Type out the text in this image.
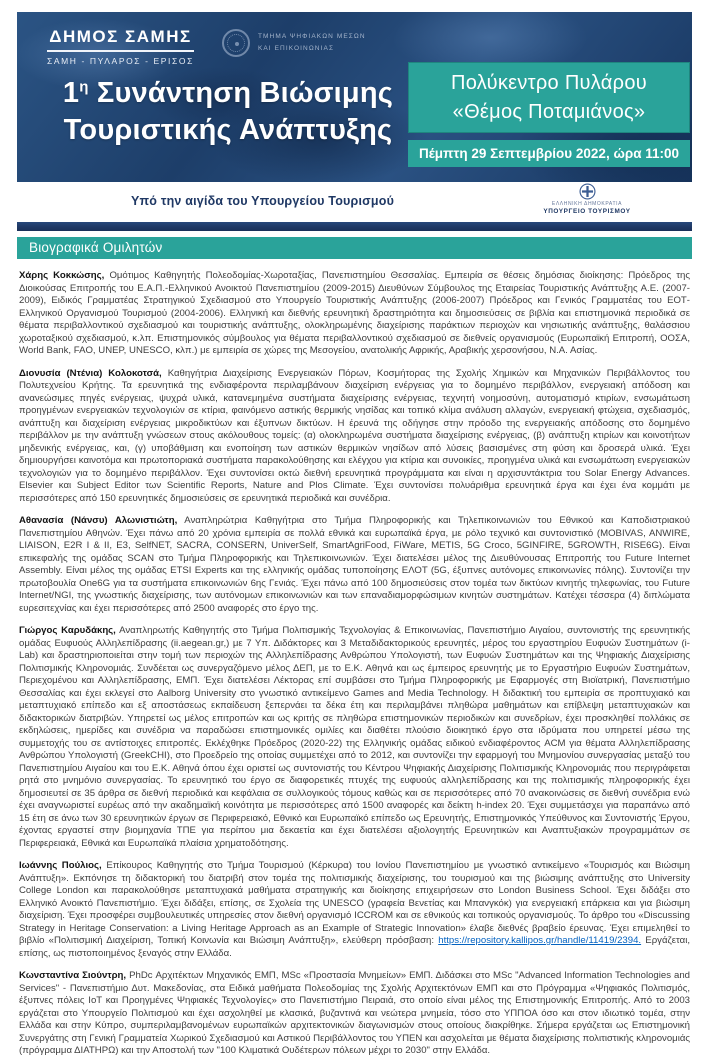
ΔΗΜΟΣ ΣΑΜΗΣ
ΣΑΜΗ - ΠΥΛΑΡΟΣ - ΕΡΙΣΟΣ
ΤΜΗΜΑ ΨΗΦΙΑΚΩΝ ΜΕΣΩΝ
ΚΑΙ ΕΠΙΚΟΙΝΩΝΙΑΣ
$1^\eta$ Συνάντηση Βιώσιμης
Τουριστικής Ανάπτυξης
Πολύκεντρο Πυλάρου
«Θέμος Ποταμιάνος»
Πέμπτη 29 Σεπτεμβρίου 2022, ώρα 11:00
Υπό την αιγίδα του Υπουργείου Τουρισμού	ΕΛΛΗΝΙΚΗ ΔΗΜΟΚΡΑΤΙΑ
ΥΠΟΥΡΓΕΙΟ ΤΟΥΡΙΣΜΟΥ
Βιογραφικά Ομιλητών

Χάρης Κοκκώσης, Ομότιμος Καθηγητής Πολεοδομίας-Χωροταξίας, Πανεπιστημίου Θεσσαλίας. Εμπειρία σε θέσεις δημόσιας διοίκησης: Πρόεδρος της Διοικούσας Επιτροπής του Ε.Α.Π.-Ελληνικού Ανοικτού Πανεπιστημίου (2009-2015) Διευθύνων Σύμβουλος της Εταιρείας Τουριστικής Ανάπτυξης Α.Ε. (2007-2009), Ειδικός Γραμματέας Στρατηγικού Σχεδιασμού στο Υπουργείο Τουριστικής Ανάπτυξης (2006-2007) Πρόεδρος και Γενικός Γραμματέας του ΕΟΤ-Ελληνικού Οργανισμού Τουρισμού (2004-2006). Ελληνική και διεθνής ερευνητική δραστηριότητα και δημοσιεύσεις σε βιβλία και επιστημονικά περιοδικά σε θέματα περιβαλλοντικού σχεδιασμού και τουριστικής ανάπτυξης, ολοκληρωμένης διαχείρισης παράκτιων περιοχών και νησιωτικής ανάπτυξης, θαλάσσιου χωροταξικού σχεδιασμού, κ.λπ. Επιστημονικός σύμβουλος για θέματα περιβαλλοντικού σχεδιασμού σε διεθνείς οργανισμούς (Ευρωπαϊκή Επιτροπή, ΟΟΣΑ, World Bank, FAO, UNEP, UNESCO, κλπ.) με εμπειρία σε χώρες της Μεσογείου, ανατολικής Αφρικής, Αραβικής χερσονήσου, Ν.Α. Ασίας.

Διονυσία (Ντένια) Κολοκοτσά, Καθηγήτρια Διαχείρισης Ενεργειακών Πόρων, Κοσμήτορας της Σχολής Χημικών και Μηχανικών Περιβάλλοντος του Πολυτεχνείου Κρήτης. Τα ερευνητικά της ενδιαφέροντα περιλαμβάνουν διαχείριση ενέργειας για το δομημένο περιβάλλον, ενεργειακή απόδοση και ανανεώσιμες πηγές ενέργειας, ψυχρά υλικά, κατανεμημένα συστήματα διαχείρισης ενέργειας, τεχνητή νοημοσύνη, αυτοματισμό κτιρίων, ενσωμάτωση προηγμένων ενεργειακών τεχνολογιών σε κτίρια, φαινόμενο αστικής θερμικής νησίδας και τοπικό κλίμα ανάλυση αλλαγών, ενεργειακή φτώχεια, σχεδιασμός, ανάπτυξη και διαχείριση ενέργειας μικροδικτύων και έξυπνων δικτύων. Η έρευνά της οδήγησε στην πρόοδο της ενεργειακής απόδοσης στο δομημένο περιβάλλον με την ανάπτυξη γνώσεων στους ακόλουθους τομείς: (α) ολοκληρωμένα συστήματα διαχείρισης ενέργειας, (β) ανάπτυξη κτιρίων και κοινοτήτων μηδενικής ενέργειας, και, (γ) υποβάθμιση και ενοποίηση των αστικών θερμικών νησίδων από λύσεις βασισμένες στη φύση και δροσερά υλικά. Έχει δημιουργήσει καινοτόμα και πρωτοποριακά συστήματα παρακολούθησης και ελέγχου για κτίρια και συνοικίες, προηγμένα υλικά και ενσωμάτωση ενεργειακών τεχνολογιών για το δομημένο περιβάλλον. Έχει συντονίσει οκτώ διεθνή ερευνητικά προγράμματα και είναι η αρχισυντάκτρια του Solar Energy Advances. Elsevier και Subject Editor των Scientific Reports, Nature and Plos Climate. Έχει συντονίσει πολυάριθμα ερευνητικά έργα και έχει ένα κομμάτι με περισσότερες από 150 ερευνητικές δημοσιεύσεις σε ερευνητικά περιοδικά και συνέδρια.

Αθανασία (Νάνσυ) Αλωνιστιώτη, Αναπληρώτρια Καθηγήτρια στο Τμήμα Πληροφορικής και Τηλεπικοινωνιών του Εθνικού και Καποδιστριακού Πανεπιστημίου Αθηνών. Έχει πάνω από 20 χρόνια εμπειρία σε πολλά εθνικά και ευρωπαϊκά έργα, με ρόλο τεχνικό και συντονιστικό (MOBIVAS, ANWIRE, LIAISON, E2R I & II, E3, SelfNET, SACRA, CONSERN, UniverSelf, SmartAgriFood, FiWare, METIS, 5G Croco, 5GINFIRE, 5GROWTH, RISE6G). Είναι επικεφαλής της ομάδας SCAN στο Τμήμα Πληροφορικής και Τηλεπικοινωνιών. Έχει διατελέσει μέλος της Διευθύνουσας Επιτροπής του Future Internet Assembly. Είναι μέλος της ομάδας ETSI Experts και της ελληνικής ομάδας τυποποίησης ΕΛΟΤ (5G, έξυπνες αυτόνομες επικοινωνίες πόλης). Συντονίζει την πρωτοβουλία One6G για τα συστήματα επικοινωνιών 6ης Γενιάς. Έχει πάνω από 100 δημοσιεύσεις στον τομέα των δικτύων κινητής τηλεφωνίας, του Future Internet/NGI, της γνωστικής διαχείρισης, των αυτόνομων επικοινωνιών και των επαναδιαμορφώσιμων κινητών συστημάτων. Κατέχει τέσσερα (4) διπλώματα ευρεσιτεχνίας και έχει περισσότερες από 2500 αναφορές στο έργο της.

Γιώργος Καρυδάκης, Αναπληρωτής Καθηγητής στο Τμήμα Πολιτισμικής Τεχνολογίας & Επικοινωνίας, Πανεπιστήμιο Αιγαίου, συντονιστής της ερευνητικής ομάδας Ευφυούς Αλληλεπίδρασης (ii.aegean.gr,) με 7 Υπ. Διδάκτορες και 3 Μεταδιδακτορικούς ερευνητές, μέρος του εργαστηρίου Ευφυών Συστημάτων (i-Lab) και δραστηριοποιείται στην τομή των περιοχών της Αλληλεπίδρασης Ανθρώπου Υπολογιστή, των Ευφυών Συστημάτων και της Ψηφιακής Διαχείρισης Πολιτισμικής Κληρονομιάς. Συνδέεται ως συνεργαζόμενο μέλος ΔΕΠ, με το Ε.Κ. Αθηνά και ως έμπειρος ερευνητής με το Εργαστήριο Ευφυών Συστημάτων, Περιεχομένου και Αλληλεπίδρασης, ΕΜΠ. Έχει διατελέσει Λέκτορας επί συμβάσει στο Τμήμα Πληροφορικής με Εφαρμογές στη Βιοϊατρική, Πανεπιστήμιο Θεσσαλίας και έχει εκλεγεί στο Aalborg University στο γνωστικό αντικείμενο Games and Media Technology. Η διδακτική του εμπειρία σε προπτυχιακό και μεταπτυχιακό επίπεδο και εξ αποστάσεως εκπαίδευση ξεπερνάει τα δέκα έτη και περιλαμβάνει πληθώρα μαθημάτων και επίβλεψη μεταπτυχιακών και διδακτορικών διατριβών. Υπηρετεί ως μέλος επιτροπών και ως κριτής σε πληθώρα επιστημονικών περιοδικών και συνεδρίων, έχει προσκληθεί πολλάκις σε εκδηλώσεις, ημερίδες και συνέδρια να παραδώσει επιστημονικές ομιλίες και διαθέτει πλούσιο διοικητικό έργο στα ιδρύματα που υπηρετεί μέσω της συμμετοχής του σε αντίστοιχες επιτροπές. Εκλέχθηκε Πρόεδρος (2020-22) της Ελληνικής ομάδας ειδικού ενδιαφέροντος ACM για θέματα Αλληλεπίδρασης Ανθρώπου Υπολογιστή (GreekCHI), στο Προεδρείο της οποίας συμμετέχει από το 2012, και συντονίζει την εφαρμογή του Μνημονίου συνεργασίας μεταξύ του Πανεπιστημίου Αιγαίου και του Ε.Κ. Αθηνά όπου έχει οριστεί ως συντονιστής του Κέντρου Ψηφιακής Διαχείρισης Πολιτισμικής Κληρονομιάς που περιγράφεται ρητά στο μνημόνιο συνεργασίας. Το ερευνητικό του έργο σε διαφορετικές πτυχές της ευφυούς αλληλεπίδρασης και της πολιτισμικής πληροφορικής έχει δημοσιευτεί σε 35 άρθρα σε διεθνή περιοδικά και κεφάλαια σε συλλογικούς τόμους καθώς και σε περισσότερες από 70 ανακοινώσεις σε διεθνή συνέδρια ενώ έχει αναγνωριστεί ευρέως από την ακαδημαϊκή κοινότητα με περισσότερες από 1500 αναφορές και δείκτη h-index 20. Έχει συμμετάσχει για παραπάνω από 15 έτη σε άνω των 30 ερευνητικών έργων σε Περιφερειακό, Εθνικό και Ευρωπαϊκό επίπεδο ως Ερευνητής, Επιστημονικός Υπεύθυνος και Συντονιστής Έργου, έχοντας εργαστεί στην βιομηχανία ΤΠΕ για περίπου μια δεκαετία και έχει διατελέσει αξιολογητής Ερευνητικών και Αναπτυξιακών προγραμμάτων σε Περιφερειακά, Εθνικά και Ευρωπαϊκά πλαίσια χρηματοδότησης.

Ιωάννης Πούλιος, Επίκουρος Καθηγητής στο Τμήμα Τουρισμού (Κέρκυρα) του Ιονίου Πανεπιστημίου με γνωστικό αντικείμενο «Τουρισμός και Βιώσιμη Ανάπτυξη». Εκπόνησε τη διδακτορική του διατριβή στον τομέα της πολιτισμικής διαχείρισης, του τουρισμού και της βιώσιμης ανάπτυξης στο University College London και παρακολούθησε μεταπτυχιακά μαθήματα στρατηγικής και διοίκησης επιχειρήσεων στο London Business School. Έχει διδάξει στο Ελληνικό Ανοικτό Πανεπιστήμιο. Έχει διδάξει, επίσης, σε Σχολεία της UNESCO (γραφεία Βενετίας και Μπανγκόκ) για ενεργειακή επάρκεια και για βιώσιμη διαχείριση. Έχει προσφέρει συμβουλευτικές υπηρεσίες στον διεθνή οργανισμό ICCROM και σε εθνικούς και τοπικούς οργανισμούς. Το άρθρο του «Discussing Strategy in Heritage Conservation: a Living Heritage Approach as an Example of Strategic Innovation» έλαβε διεθνές βραβείο έρευνας. Έχει επιμεληθεί το βιβλίο «Πολιτισμική Διαχείριση, Τοπική Κοινωνία και Βιώσιμη Ανάπτυξη», ελεύθερη πρόσβαση: https://repository.kallipos.gr/handle/11419/2394. Εργάζεται, επίσης, ως πιστοποιημένος ξεναγός στην Ελλάδα.

Κωνσταντίνα Σιούντρη, PhDc Αρχιτέκτων Μηχανικός ΕΜΠ, MSc «Προστασία Μνημείων» ΕΜΠ. Διδάσκει στο MSc "Advanced Information Technologies and Services" - Πανεπιστήμιο Δυτ. Μακεδονίας, στα Ειδικά μαθήματα Πολεοδομίας της Σχολής Αρχιτεκτόνων ΕΜΠ και στο Πρόγραμμα «Ψηφιακός Πολιτισμός, έξυπνες πόλεις ΙοΤ και Προηγμένες Ψηφιακές Τεχνολογίες» στο Πανεπιστήμιο Πειραιά, στο οποίο είναι μέλος της Επιστημονικής Επιτροπής. Από το 2003 εργάζεται στο Υπουργείο Πολιτισμού και έχει ασχοληθεί με κλασικά, βυζαντινά και νεώτερα μνημεία, τόσο στο ΥΠΠΟΑ όσο και στον ιδιωτικό τομέα, στην Ελλάδα και στην Κύπρο, συμπεριλαμβανομένων ευρωπαϊκών αρχιτεκτονικών διαγωνισμών στους οποίους διακρίθηκε. Σήμερα εργάζεται ως Επιστημονική Συνεργάτης στη Γενική Γραμματεία Χωρικού Σχεδιασμού και Αστικού Περιβάλλοντος του ΥΠΕΝ και ασχολείται με θέματα διαχείρισης πολιτιστικής κληρονομιάς (πρόγραμμα ΔΙΑΤΗΡΩ) και την Αποστολή των "100 Κλιματικά Ουδέτερων πόλεων μέχρι το 2030" στην Ελλάδα.
